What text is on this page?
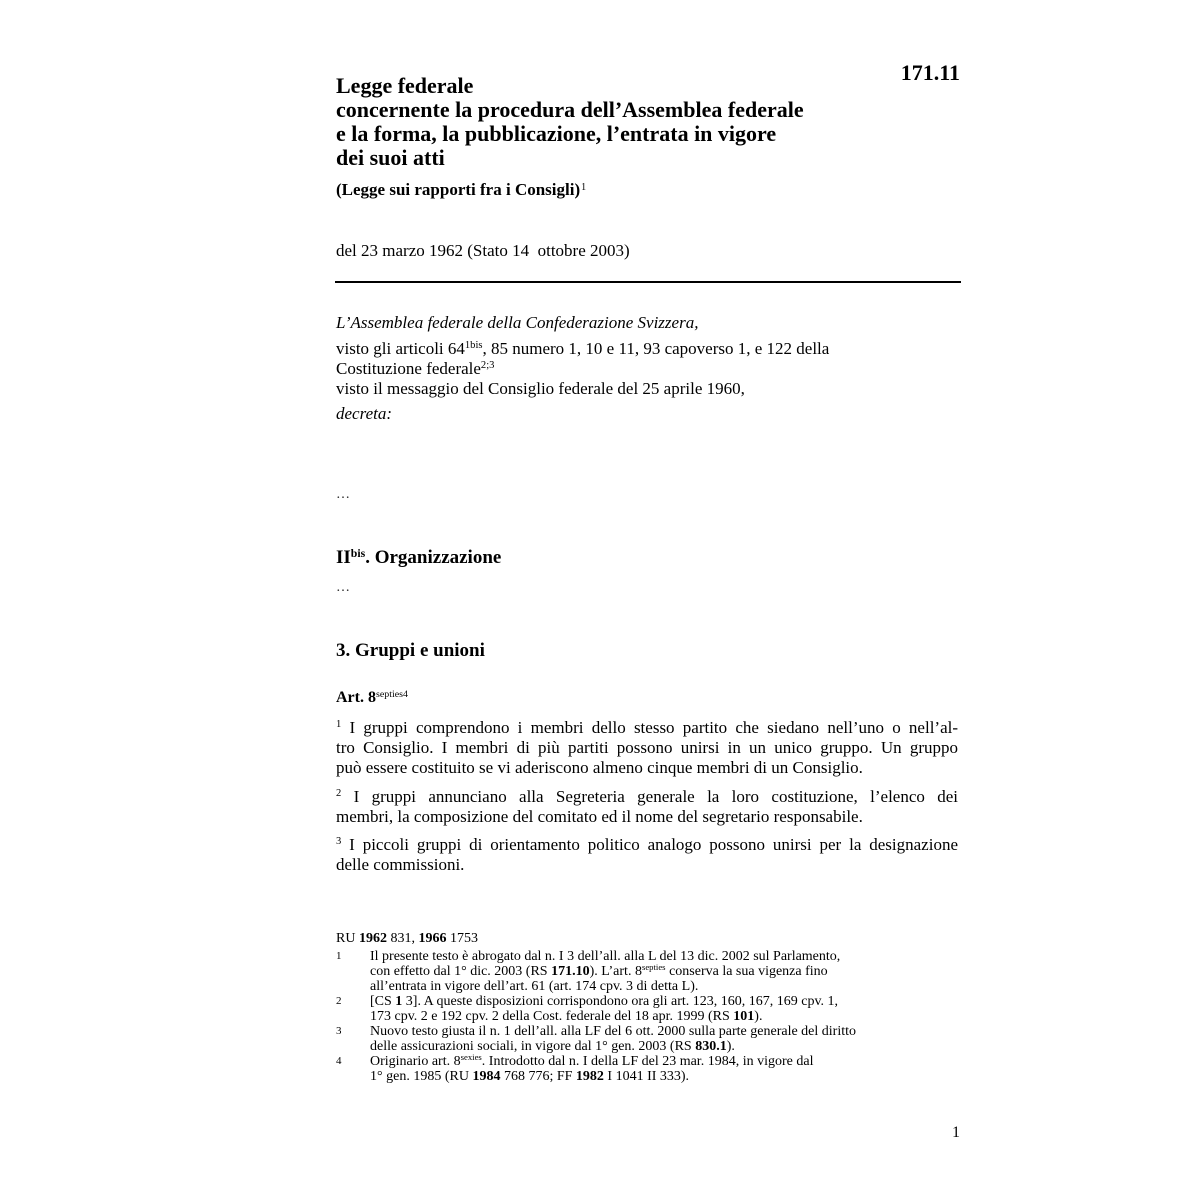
171.11
Legge federale
concernente la procedura dell’Assemblea federale
e la forma, la pubblicazione, l’entrata in vigore
dei suoi atti
(Legge sui rapporti fra i Consigli)$^1$
del 23 marzo 1962 (Stato 14  ottobre 2003)
L’Assemblea federale della Confederazione Svizzera,
visto gli articoli $64^{1bis}$, 85 numero 1, 10 e 11, 93 capoverso 1, e 122 della
Costituzione federale$^{2;3}$
visto il messaggio del Consiglio federale del 25 aprile 1960,
decreta:
…
$II^{bis}$. Organizzazione
…
3. Gruppi e unioni
Art. $8^{septies4}$
$^1$ I gruppi comprendono i membri dello stesso partito che siedano nell’uno o nell’al-
tro Consiglio. I membri di più partiti possono unirsi in un unico gruppo. Un gruppo
può essere costituito se vi aderiscono almeno cinque membri di un Consiglio.
$^2$ I gruppi annunciano alla Segreteria generale la loro costituzione, l’elenco dei
membri, la composizione del comitato ed il nome del segretario responsabile.
$^3$ I piccoli gruppi di orientamento politico analogo possono unirsi per la designazione
delle commissioni.
RU 1962 831, 1966 1753
1 Il presente testo è abrogato dal n. I 3 dell’all. alla L del 13 dic. 2002 sul Parlamento,
con effetto dal 1° dic. 2003 (RS 171.10). L’art. $8^{septies}$ conserva la sua vigenza fino
all’entrata in vigore dell’art. 61 (art. 174 cpv. 3 di detta L).
2 [CS 1 3]. A queste disposizioni corrispondono ora gli art. 123, 160, 167, 169 cpv. 1,
173 cpv. 2 e 192 cpv. 2 della Cost. federale del 18 apr. 1999 (RS 101).
3 Nuovo testo giusta il n. 1 dell’all. alla LF del 6 ott. 2000 sulla parte generale del diritto
delle assicurazioni sociali, in vigore dal 1° gen. 2003 (RS 830.1).
4 Originario art. $8^{sexies}$. Introdotto dal n. I della LF del 23 mar. 1984, in vigore dal
1° gen. 1985 (RU 1984 768 776; FF 1982 I 1041 II 333).
1
